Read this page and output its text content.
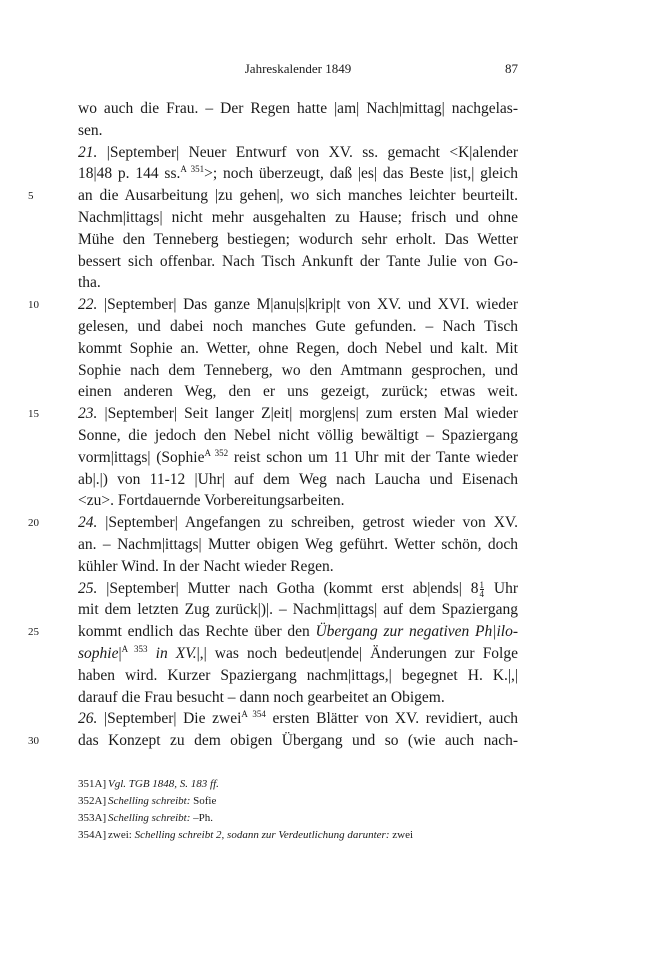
Jahreskalender 1849	87
wo auch die Frau. – Der Regen hatte |am| Nach|mittag| nachgelas-
sen.
21. |September| Neuer Entwurf von XV. ss. gemacht <K|alender
18|48 p. 144 ss.$^{A 351}$>; noch überzeugt, daß |es| das Beste |ist,| gleich
an die Ausarbeitung |zu gehen|, wo sich manches leichter beurteilt.
Nachm|ittags| nicht mehr ausgehalten zu Hause; frisch und ohne
Mühe den Tenneberg bestiegen; wodurch sehr erholt. Das Wetter
bessert sich offenbar. Nach Tisch Ankunft der Tante Julie von Go-
tha.
22. |September| Das ganze M|anu|s|krip|t von XV. und XVI. wieder
gelesen, und dabei noch manches Gute gefunden. – Nach Tisch
kommt Sophie an. Wetter, ohne Regen, doch Nebel und kalt. Mit
Sophie nach dem Tenneberg, wo den Amtmann gesprochen, und
einen anderen Weg, den er uns gezeigt, zurück; etwas weit.
23. |September| Seit langer Z|eit| morg|ens| zum ersten Mal wieder
Sonne, die jedoch den Nebel nicht völlig bewältigt – Spaziergang
vorm|ittags| (Sophie$^{A 352}$ reist schon um 11 Uhr mit der Tante wieder
ab|.|) von 11-12 |Uhr| auf dem Weg nach Laucha und Eisenach
<zu>. Fortdauernde Vorbereitungsarbeiten.
24. |September| Angefangen zu schreiben, getrost wieder von XV.
an. – Nachm|ittags| Mutter obigen Weg geführt. Wetter schön, doch
kühler Wind. In der Nacht wieder Regen.
25. |September| Mutter nach Gotha (kommt erst ab|ends| $8 \frac{1}{4}$ Uhr
mit dem letzten Zug zurück|)|. – Nachm|ittags| auf dem Spaziergang
kommt endlich das Rechte über den Übergang zur negativen Ph|ilo-
$sophie|^{A 353}$ in XV.|,| was noch bedeut|ende| Änderungen zur Folge
haben wird. Kurzer Spaziergang nachm|ittags,| begegnet H. K.|,|
darauf die Frau besucht – dann noch gearbeitet an Obigem.
26. |September| Die zwei$^{A 354}$ ersten Blätter von XV. revidiert, auch
das Konzept zu dem obigen Übergang und so (wie auch nach-
5
10
15
20
25
30
351A] Vgl. TGB 1848, S. 183 ff.
352A] Schelling schreibt: Sofie
353A] Schelling schreibt: –Ph.
354A] zwei: Schelling schreibt 2, sodann zur Verdeutlichung darunter: zwei
